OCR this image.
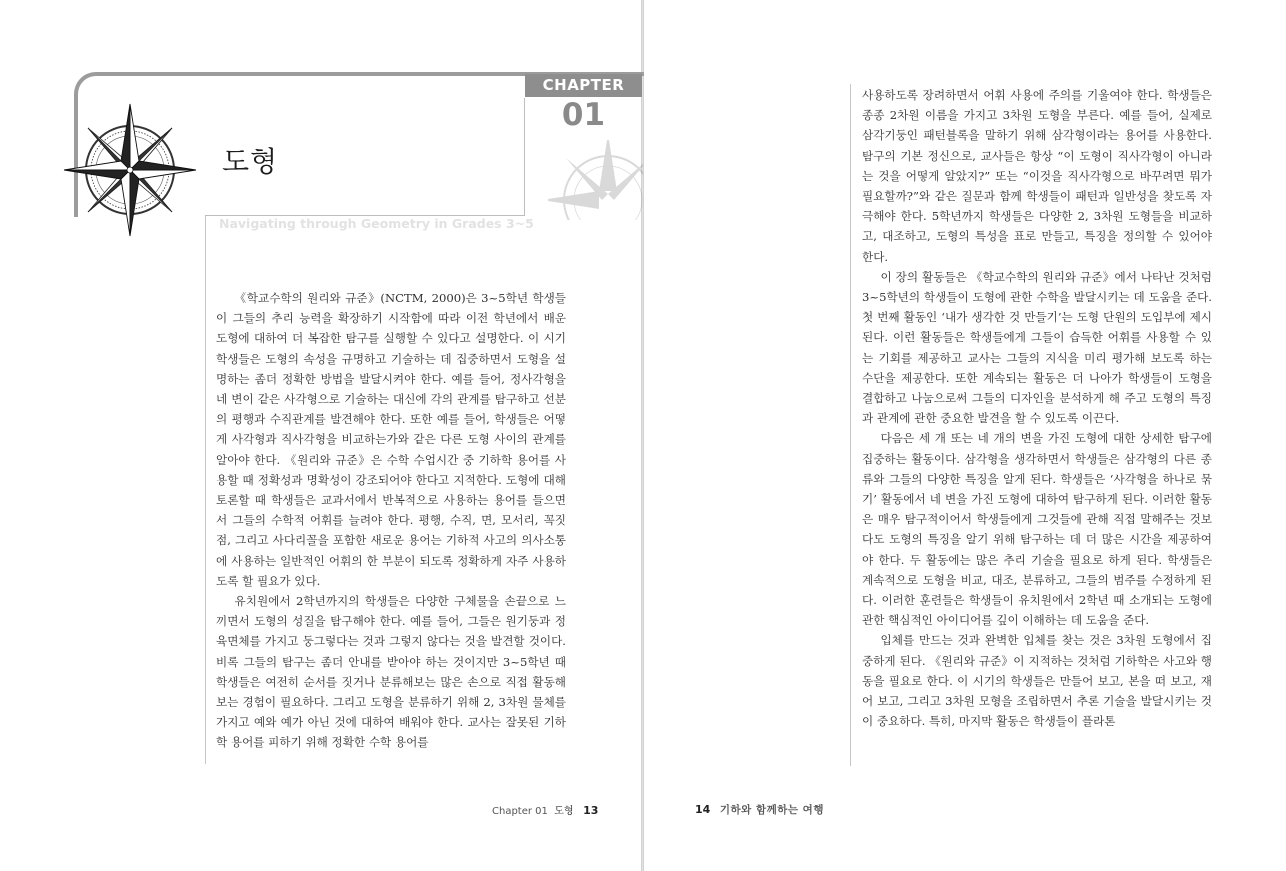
CHAPTER
01
도형
Navigating through Geometry in Grades 3~5

《학교수학의 원리와 규준》(NCTM, 2000)은 3~5학년 학생들이 그들의 추리 능력을 확장하기 시작함에 따라 이전 학년에서 배운 도형에 대하여 더 복잡한 탐구를 실행할 수 있다고 설명한다. 이 시기 학생들은 도형의 속성을 규명하고 기술하는 데 집중하면서 도형을 설명하는 좀더 정확한 방법을 발달시켜야 한다. 예를 들어, 정사각형을 네 변이 같은 사각형으로 기술하는 대신에 각의 관계를 탐구하고 선분의 평행과 수직관계를 발견해야 한다. 또한 예를 들어, 학생들은 어떻게 사각형과 직사각형을 비교하는가와 같은 다른 도형 사이의 관계를 알아야 한다. 《원리와 규준》은 수학 수업시간 중 기하학 용어를 사용할 때 정확성과 명확성이 강조되어야 한다고 지적한다. 도형에 대해 토론할 때 학생들은 교과서에서 반복적으로 사용하는 용어를 들으면서 그들의 수학적 어휘를 늘려야 한다. 평행, 수직, 면, 모서리, 꼭짓점, 그리고 사다리꼴을 포함한 새로운 용어는 기하적 사고의 의사소통에 사용하는 일반적인 어휘의 한 부분이 되도록 정확하게 자주 사용하도록 할 필요가 있다.

유치원에서 2학년까지의 학생들은 다양한 구체물을 손끝으로 느끼면서 도형의 성질을 탐구해야 한다. 예를 들어, 그들은 원기둥과 정육면체를 가지고 둥그렇다는 것과 그렇지 않다는 것을 발견할 것이다. 비록 그들의 탐구는 좀더 안내를 받아야 하는 것이지만 3~5학년 때 학생들은 여전히 순서를 짓거나 분류해보는 많은 손으로 직접 활동해보는 경험이 필요하다. 그리고 도형을 분류하기 위해 2, 3차원 물체를 가지고 예와 예가 아닌 것에 대하여 배워야 한다. 교사는 잘못된 기하학 용어를 피하기 위해 정확한 수학 용어를

Chapter 01 도형 13

사용하도록 장려하면서 어휘 사용에 주의를 기울여야 한다. 학생들은 종종 2차원 이름을 가지고 3차원 도형을 부른다. 예를 들어, 실제로 삼각기둥인 패턴블록을 말하기 위해 삼각형이라는 용어를 사용한다. 탐구의 기본 정신으로, 교사들은 항상 “이 도형이 직사각형이 아니라는 것을 어떻게 알았지?” 또는 “이것을 직사각형으로 바꾸려면 뭐가 필요할까?”와 같은 질문과 함께 학생들이 패턴과 일반성을 찾도록 자극해야 한다. 5학년까지 학생들은 다양한 2, 3차원 도형들을 비교하고, 대조하고, 도형의 특성을 표로 만들고, 특징을 정의할 수 있어야 한다.

이 장의 활동들은 《학교수학의 원리와 규준》에서 나타난 것처럼 3~5학년의 학생들이 도형에 관한 수학을 발달시키는 데 도움을 준다. 첫 번째 활동인 ‘내가 생각한 것 만들기’는 도형 단원의 도입부에 제시된다. 이런 활동들은 학생들에게 그들이 습득한 어휘를 사용할 수 있는 기회를 제공하고 교사는 그들의 지식을 미리 평가해 보도록 하는 수단을 제공한다. 또한 계속되는 활동은 더 나아가 학생들이 도형을 결합하고 나눔으로써 그들의 디자인을 분석하게 해 주고 도형의 특징과 관계에 관한 중요한 발견을 할 수 있도록 이끈다.

다음은 세 개 또는 네 개의 변을 가진 도형에 대한 상세한 탐구에 집중하는 활동이다. 삼각형을 생각하면서 학생들은 삼각형의 다른 종류와 그들의 다양한 특징을 알게 된다. 학생들은 ‘사각형을 하나로 묶기’ 활동에서 네 변을 가진 도형에 대하여 탐구하게 된다. 이러한 활동은 매우 탐구적이어서 학생들에게 그것들에 관해 직접 말해주는 것보다도 도형의 특징을 알기 위해 탐구하는 데 더 많은 시간을 제공하여야 한다. 두 활동에는 많은 추리 기술을 필요로 하게 된다. 학생들은 계속적으로 도형을 비교, 대조, 분류하고, 그들의 범주를 수정하게 된다. 이러한 훈련들은 학생들이 유치원에서 2학년 때 소개되는 도형에 관한 핵심적인 아이디어를 깊이 이해하는 데 도움을 준다.

입체를 만드는 것과 완벽한 입체를 찾는 것은 3차원 도형에서 집중하게 된다. 《원리와 규준》이 지적하는 것처럼 기하학은 사고와 행동을 필요로 한다. 이 시기의 학생들은 만들어 보고, 본을 떠 보고, 재어 보고, 그리고 3차원 모형을 조립하면서 추론 기술을 발달시키는 것이 중요하다. 특히, 마지막 활동은 학생들이 플라톤

14 기하와 함께하는 여행
